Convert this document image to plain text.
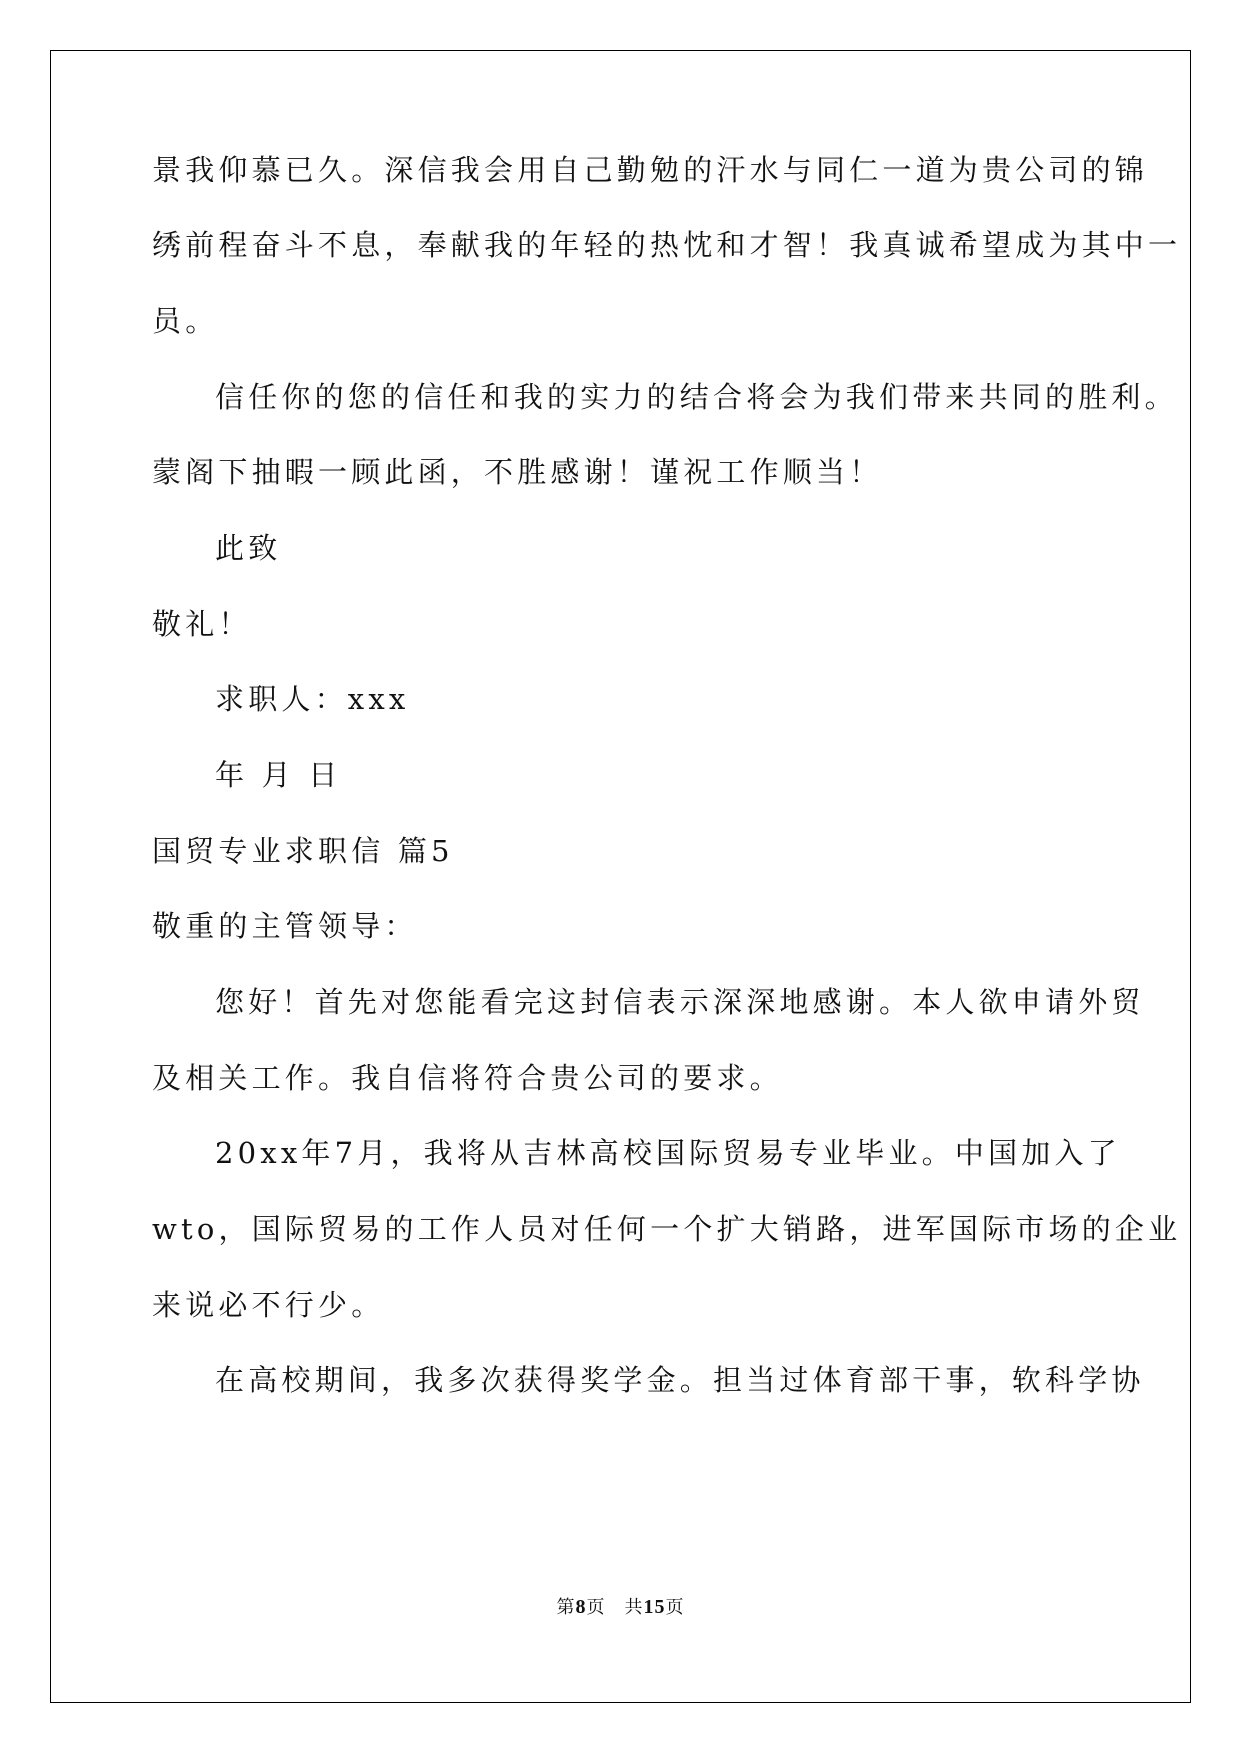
景我仰慕已久。深信我会用自己勤勉的汗水与同仁一道为贵公司的锦
绣前程奋斗不息，奉献我的年轻的热忱和才智！我真诚希望成为其中一
员。
信任你的您的信任和我的实力的结合将会为我们带来共同的胜利。
蒙阁下抽暇一顾此函，不胜感谢！谨祝工作顺当！
此致
敬礼！
求职人：xxx
年 月 日
国贸专业求职信 篇5
敬重的主管领导：
您好！首先对您能看完这封信表示深深地感谢。本人欲申请外贸
及相关工作。我自信将符合贵公司的要求。
20xx年7月，我将从吉林高校国际贸易专业毕业。中国加入了
wto，国际贸易的工作人员对任何一个扩大销路，进军国际市场的企业
来说必不行少。
在高校期间，我多次获得奖学金。担当过体育部干事，软科学协
第8页　共15页
